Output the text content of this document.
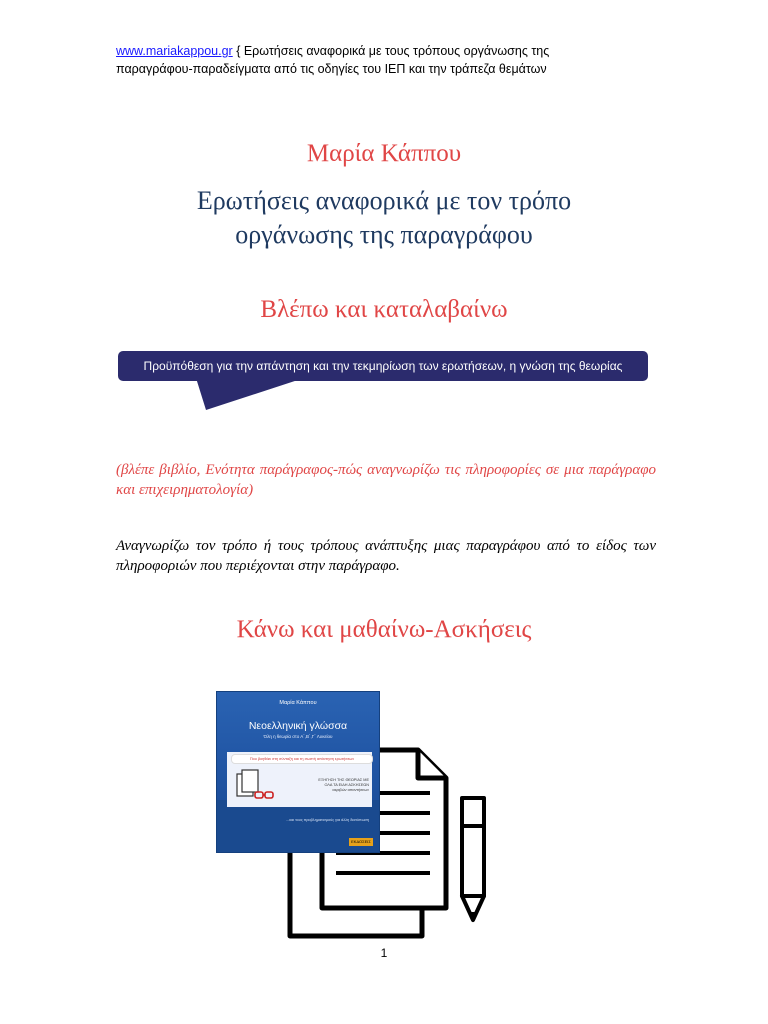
www.mariakappou.gr { Ερωτήσεις αναφορικά με τους τρόπους οργάνωσης της
παραγράφου-παραδείγματα από τις οδηγίες του ΙΕΠ και την τράπεζα θεμάτων
Μαρία Κάππου
Ερωτήσεις αναφορικά με τον τρόπο
οργάνωσης της παραγράφου
Βλέπω και καταλαβαίνω
Προϋπόθεση για την απάντηση και την τεκμηρίωση των ερωτήσεων, η γνώση της θεωρίας
(βλέπε βιβλίο, Ενότητα παράγραφος-πώς αναγνωρίζω τις πληροφορίες σε μια παράγραφο και επιχειρηματολογία)
Αναγνωρίζω τον τρόπο ή τους τρόπους ανάπτυξης μιας παραγράφου από το είδος των πληροφοριών που περιέχονται στην παράγραφο.
Κάνω και μαθαίνω-Ασκήσεις
Μαρία Κάππου
Νεοελληνική γλώσσα
Όλη η θεωρία στο Α΄,Β΄,Γ΄ Λυκείου
Που βοηθάει στη σύνταξη και τη σωστή απάντηση ερωτήσεων
ΕΞΗΓΗΣΗ ΤΗΣ ΘΕΩΡΙΑΣ ΜΕ
ΟΛΑ ΤΑ ΕΙΔΗ ΑΣΚΗΣΕΩΝ
ακριβών απαντήσεων
…και τους προβληματισμούς για άλλη διατύπωση
ΕΚΔΟΣΕΙΣ
1
